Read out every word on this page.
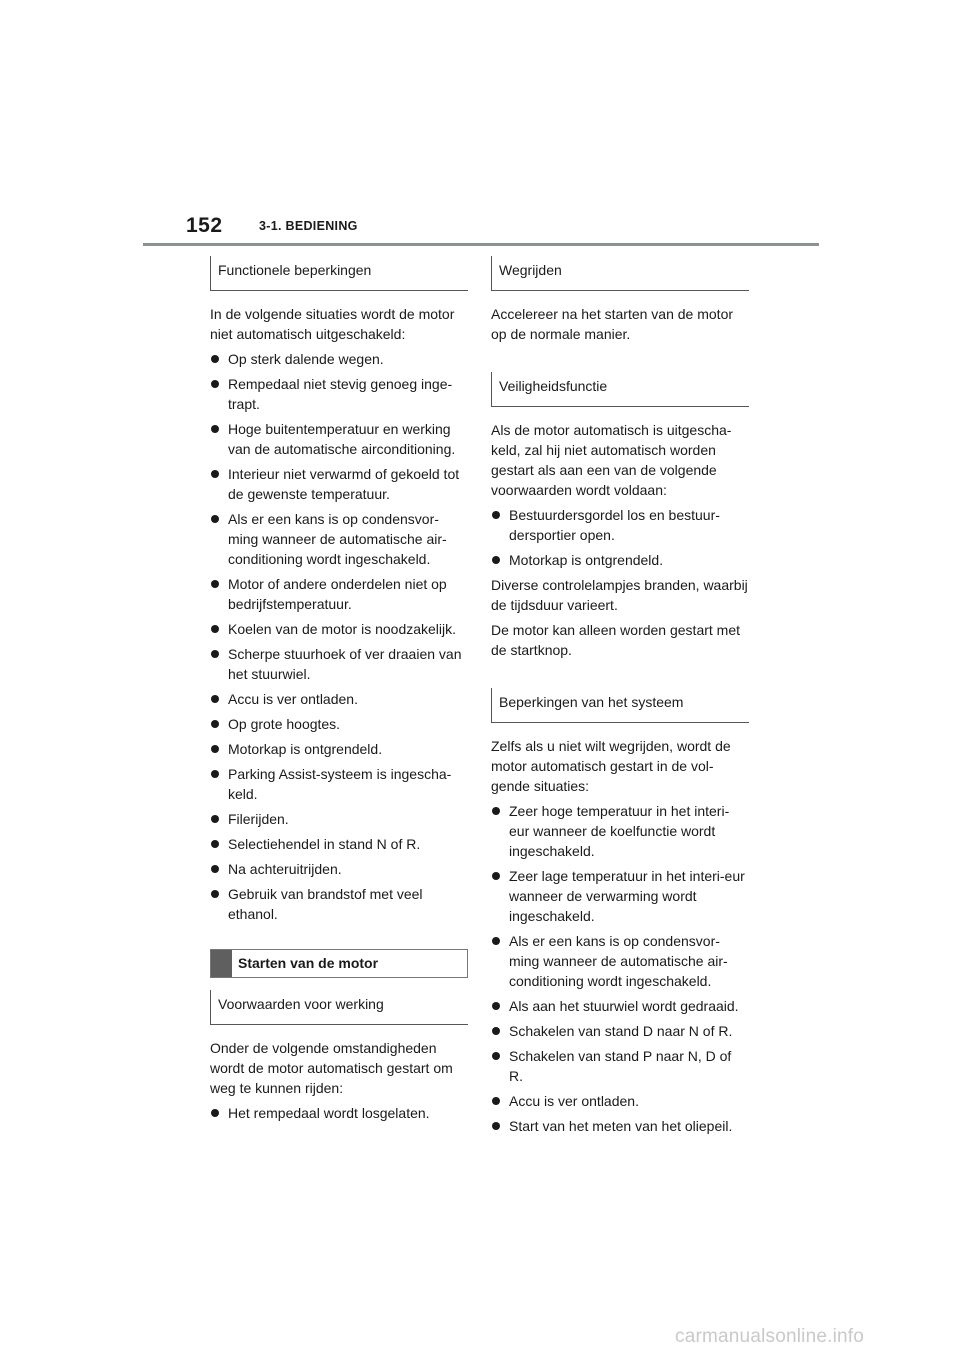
152	3-1. BEDIENING
Functionele beperkingen

In de volgende situaties wordt de motor niet automatisch uitgeschakeld:

Op sterk dalende wegen.
Rempedaal niet stevig genoeg inge-trapt.
Hoge buitentemperatuur en werking van de automatische airconditioning.
Interieur niet verwarmd of gekoeld tot de gewenste temperatuur.
Als er een kans is op condensvor-ming wanneer de automatische air-conditioning wordt ingeschakeld.
Motor of andere onderdelen niet op bedrijfstemperatuur.
Koelen van de motor is noodzakelijk.
Scherpe stuurhoek of ver draaien van het stuurwiel.
Accu is ver ontladen.
Op grote hoogtes.
Motorkap is ontgrendeld.
Parking Assist-systeem is ingescha-keld.
Filerijden.
Selectiehendel in stand N of R.
Na achteruitrijden.
Gebruik van brandstof met veel ethanol.
Starten van de motor
Voorwaarden voor werking

Onder de volgende omstandigheden wordt de motor automatisch gestart om weg te kunnen rijden:

Het rempedaal wordt losgelaten.
Wegrijden

Accelereer na het starten van de motor op de normale manier.

Veiligheidsfunctie

Als de motor automatisch is uitgescha-keld, zal hij niet automatisch worden gestart als aan een van de volgende voorwaarden wordt voldaan:

Bestuurdersgordel los en bestuur-dersportier open.
Motorkap is ontgrendeld.

Diverse controlelampjes branden, waarbij de tijdsduur varieert.

De motor kan alleen worden gestart met de startknop.

Beperkingen van het systeem

Zelfs als u niet wilt wegrijden, wordt de motor automatisch gestart in de vol-gende situaties:

Zeer hoge temperatuur in het interi-eur wanneer de koelfunctie wordt ingeschakeld.
Zeer lage temperatuur in het interi-eur wanneer de verwarming wordt ingeschakeld.
Als er een kans is op condensvor-ming wanneer de automatische air-conditioning wordt ingeschakeld.
Als aan het stuurwiel wordt gedraaid.
Schakelen van stand D naar N of R.
Schakelen van stand P naar N, D of R.
Accu is ver ontladen.
Start van het meten van het oliepeil.
carmanualsonline.info
